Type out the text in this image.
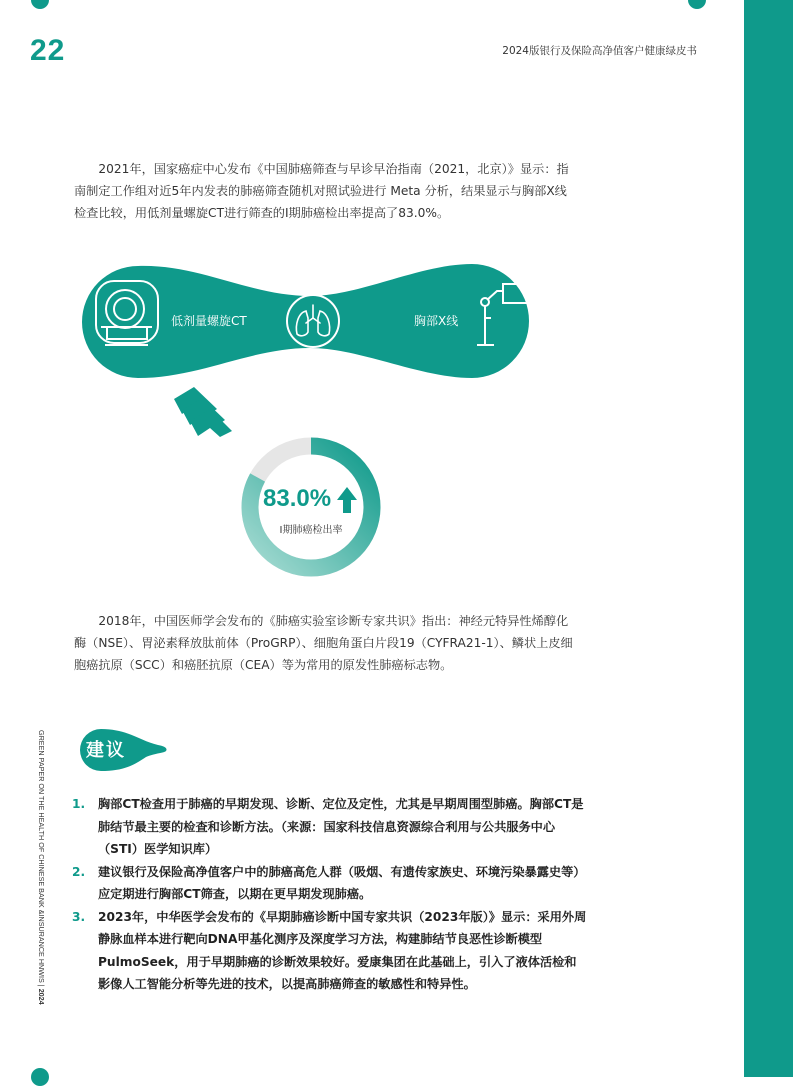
22	2024版银行及保险高净值客户健康绿皮书

2021年，国家癌症中心发布《中国肺癌筛查与早诊早治指南（2021，北京）》显示：指南制定工作组对近5年内发表的肺癌筛查随机对照试验进行 Meta 分析，结果显示与胸部X线检查比较，用低剂量螺旋CT进行筛查的I期肺癌检出率提高了83.0%。

低剂量螺旋CT	胸部X线
83.0%
I期肺癌检出率

2018年，中国医师学会发布的《肺癌实验室诊断专家共识》指出：神经元特异性烯醇化酶（NSE）、胃泌素释放肽前体（ProGRP）、细胞角蛋白片段19（CYFRA21-1）、鳞状上皮细胞癌抗原（SCC）和癌胚抗原（CEA）等为常用的原发性肺癌标志物。

GREEN PAPER ON THE HEALTH OF CHINESE BANK &INSURANCE HNWIS | 2024
建议
1. 胸部CT检查用于肺癌的早期发现、诊断、定位及定性，尤其是早期周围型肺癌。胸部CT是肺结节最主要的检查和诊断方法。（来源：国家科技信息资源综合利用与公共服务中心（STI）医学知识库）
2. 建议银行及保险高净值客户中的肺癌高危人群（吸烟、有遗传家族史、环境污染暴露史等）应定期进行胸部CT筛查，以期在更早期发现肺癌。
3. 2023年，中华医学会发布的《早期肺癌诊断中国专家共识（2023年版）》显示：采用外周静脉血样本进行靶向DNA甲基化测序及深度学习方法，构建肺结节良恶性诊断模型 PulmoSeek，用于早期肺癌的诊断效果较好。爱康集团在此基础上，引入了液体活检和影像人工智能分析等先进的技术，以提高肺癌筛查的敏感性和特异性。
